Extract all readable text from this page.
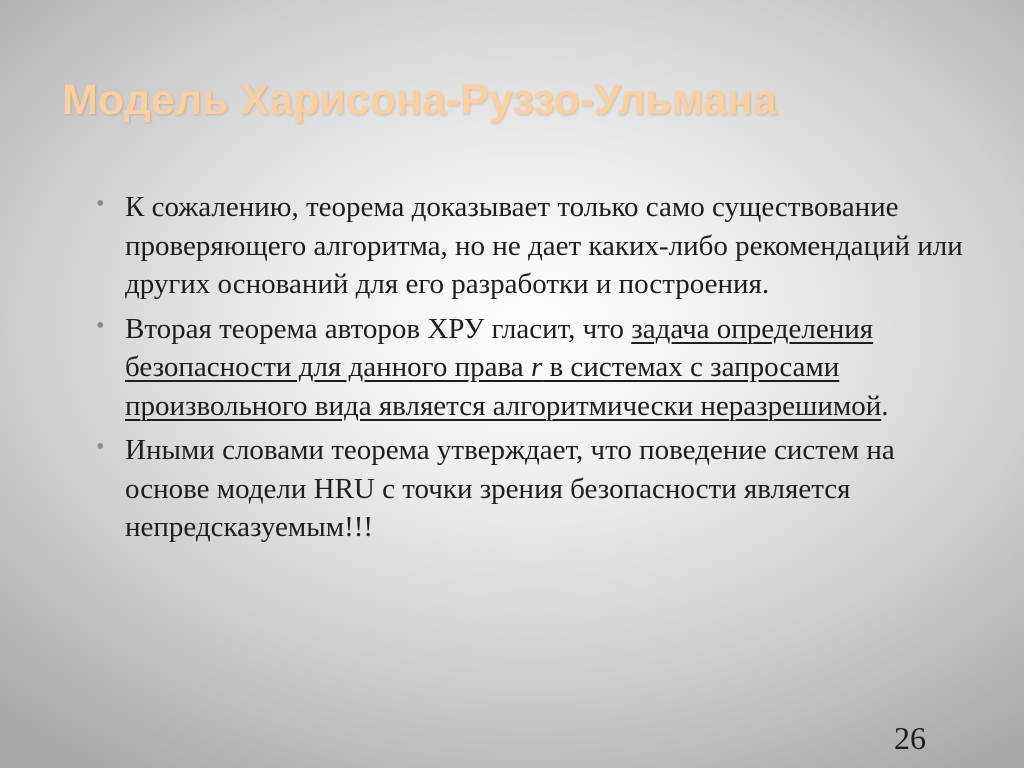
Модель Харисона-Руззо-Ульмана
• К сожалению, теорема доказывает только само существование проверяющего алгоритма, но не дает каких-либо рекомендаций или других оснований для его разработки и построения.
• Вторая теорема авторов ХРУ гласит, что задача определения безопасности для данного права r в системах с запросами произвольного вида является алгоритмически неразрешимой.
• Иными словами теорема утверждает, что поведение систем на основе модели HRU с точки зрения безопасности является непредсказуемым!!!
26
